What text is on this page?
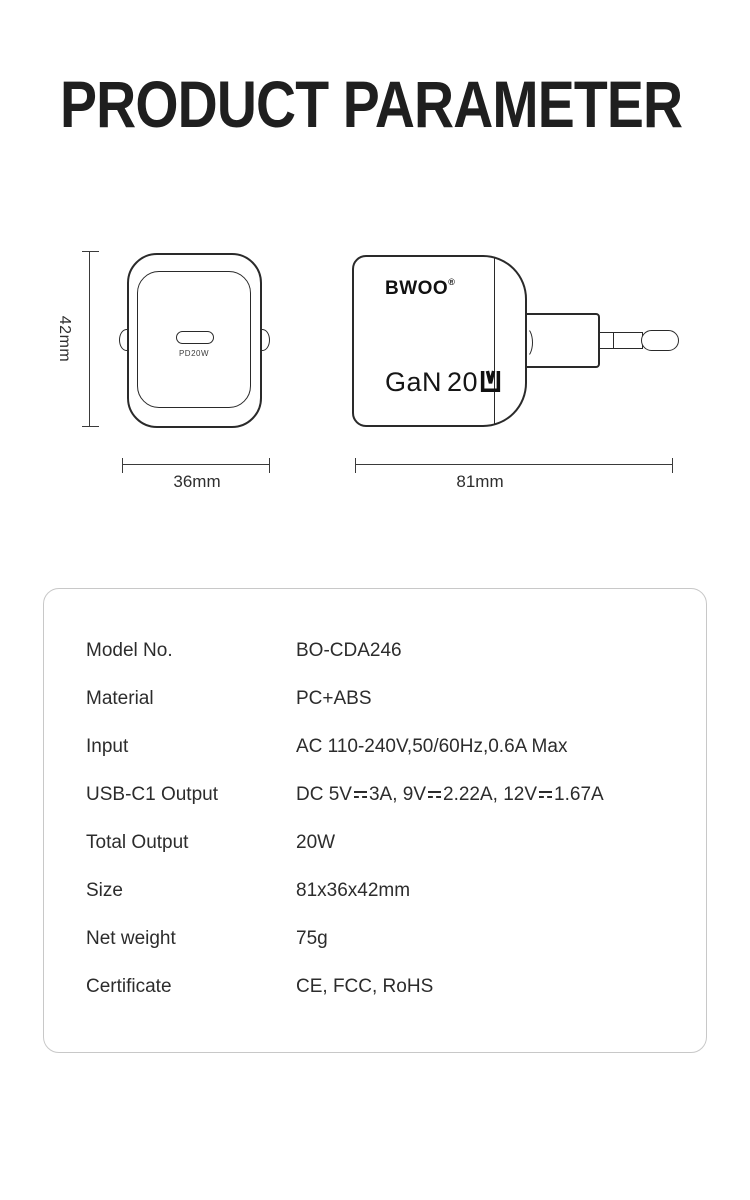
PRODUCT PARAMETER
42mm	PD20W
36mm
BWOO®
GaN 20
81mm
Model No.	BO-CDA246
Material	PC+ABS
Input	AC 110-240V,50/60Hz,0.6A Max
USB-C1 Output	DC 5V 3A, 9V 2.22A, 12V 1.67A
Total Output	20W
Size	81x36x42mm
Net weight	75g
Certificate	CE, FCC, RoHS
